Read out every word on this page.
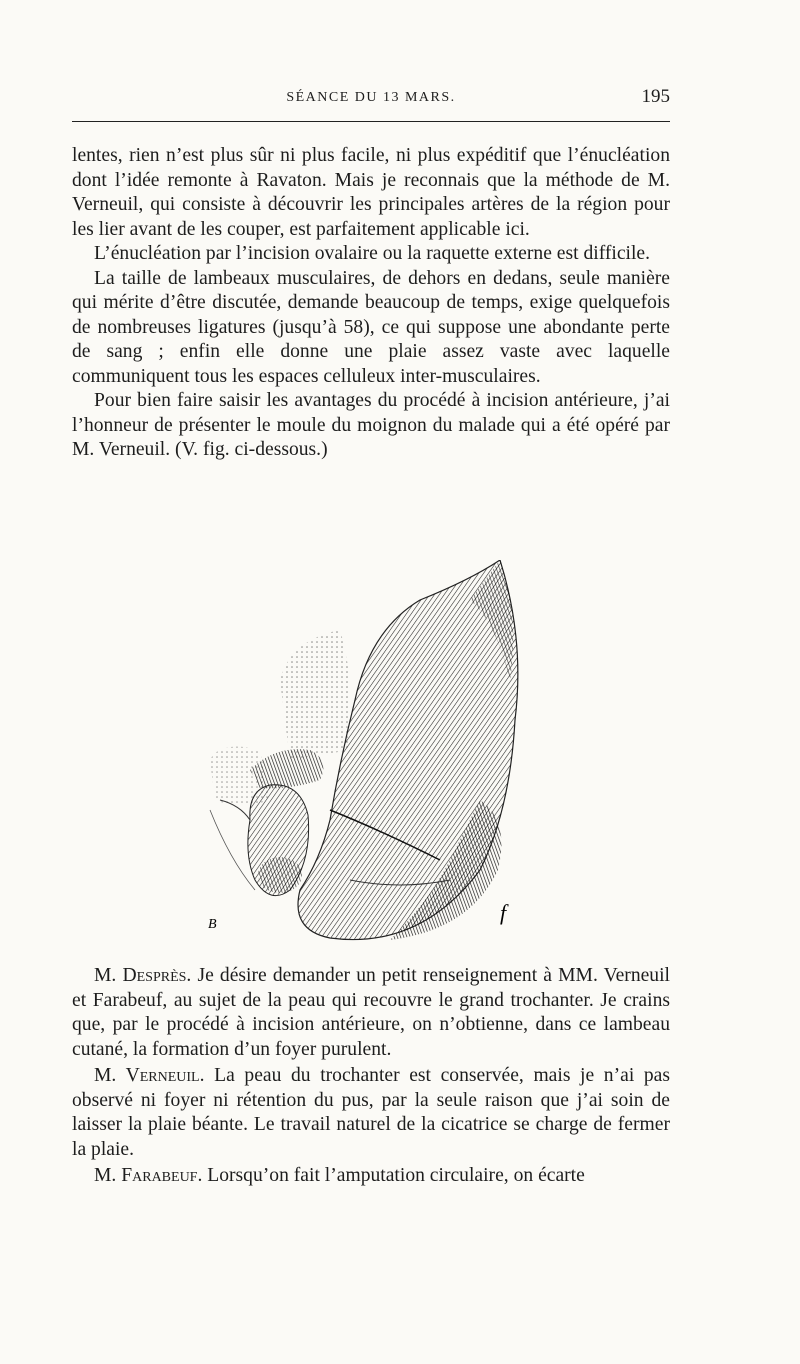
SÉANCE DU 13 MARS.	195

lentes, rien n’est plus sûr ni plus facile, ni plus expéditif que l’énucléation dont l’idée remonte à Ravaton. Mais je reconnais que la méthode de M. Verneuil, qui consiste à découvrir les principales artères de la région pour les lier avant de les couper, est parfaitement applicable ici.

L’énucléation par l’incision ovalaire ou la raquette externe est difficile.

La taille de lambeaux musculaires, de dehors en dedans, seule manière qui mérite d’être discutée, demande beaucoup de temps, exige quelquefois de nombreuses ligatures (jusqu’à 58), ce qui suppose une abondante perte de sang ; enfin elle donne une plaie assez vaste avec laquelle communiquent tous les espaces celluleux inter-musculaires.

Pour bien faire saisir les avantages du procédé à incision antérieure, j’ai l’honneur de présenter le moule du moignon du malade qui a été opéré par M. Verneuil. (V. fig. ci-dessous.)

B	f

M. Desprès. Je désire demander un petit renseignement à MM. Verneuil et Farabeuf, au sujet de la peau qui recouvre le grand trochanter. Je crains que, par le procédé à incision antérieure, on n’obtienne, dans ce lambeau cutané, la formation d’un foyer purulent.

M. Verneuil. La peau du trochanter est conservée, mais je n’ai pas observé ni foyer ni rétention du pus, par la seule raison que j’ai soin de laisser la plaie béante. Le travail naturel de la cicatrice se charge de fermer la plaie.

M. Farabeuf. Lorsqu’on fait l’amputation circulaire, on écarte
